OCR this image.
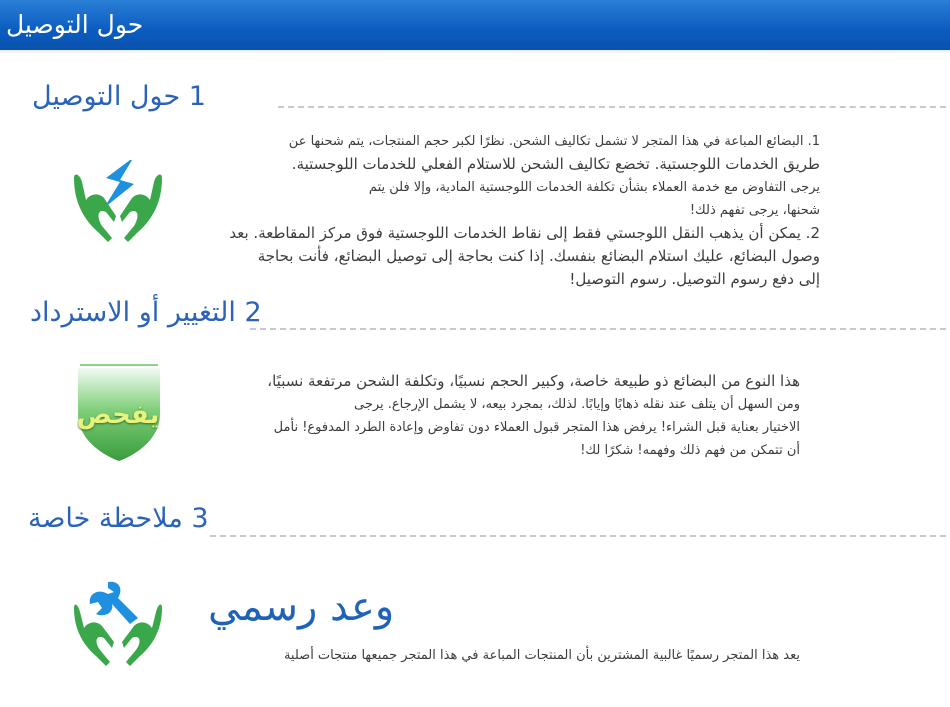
حول التوصيل
1 حول التوصيل
1. البضائع المباعة في هذا المتجر لا تشمل تكاليف الشحن. نظرًا لكبر حجم المنتجات، يتم شحنها عن
طريق الخدمات اللوجستية. تخضع تكاليف الشحن للاستلام الفعلي للخدمات اللوجستية.
يرجى التفاوض مع خدمة العملاء بشأن تكلفة الخدمات اللوجستية المادية، وإلا فلن يتم
شحنها، يرجى تفهم ذلك!
2. يمكن أن يذهب النقل اللوجستي فقط إلى نقاط الخدمات اللوجستية فوق مركز المقاطعة. بعد
وصول البضائع، عليك استلام البضائع بنفسك. إذا كنت بحاجة إلى توصيل البضائع، فأنت بحاجة
إلى دفع رسوم التوصيل. رسوم التوصيل!
2 التغيير أو الاسترداد
يفحص
هذا النوع من البضائع ذو طبيعة خاصة، وكبير الحجم نسبيًا، وتكلفة الشحن مرتفعة نسبيًا،
ومن السهل أن يتلف عند نقله ذهابًا وإيابًا. لذلك، بمجرد بيعه، لا يشمل الإرجاع. يرجى
الاختيار بعناية قبل الشراء! يرفض هذا المتجر قبول العملاء دون تفاوض وإعادة الطرد المدفوع! نأمل
أن تتمكن من فهم ذلك وفهمه! شكرًا لك!
3 ملاحظة خاصة
وعد رسمي
يعد هذا المتجر رسميًا غالبية المشترين بأن المنتجات المباعة في هذا المتجر جميعها منتجات أصلية
